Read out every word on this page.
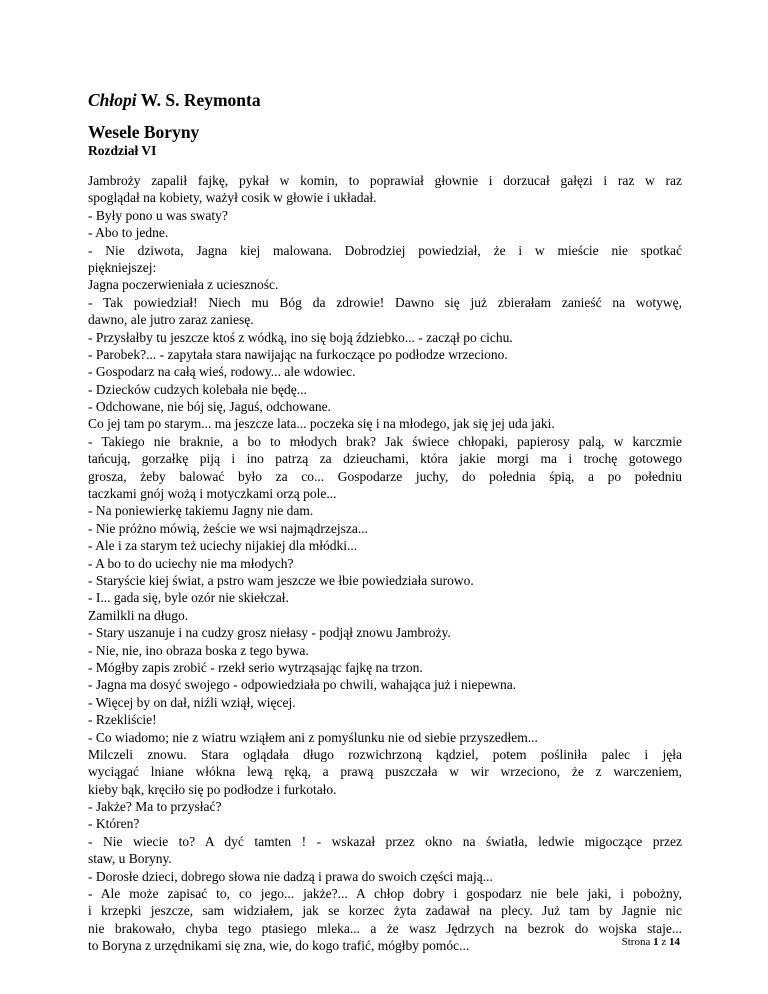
Chłopi W. S. Reymonta
Wesele Boryny
Rozdział VI
Jambroży zapalił fajkę, pykał w komin, to poprawiał głownie i dorzucał gałęzi i raz w raz
spoglądał na kobiety, ważył cosik w głowie i układał.
- Były pono u was swaty?
- Abo to jedne.
- Nie dziwota, Jagna kiej malowana. Dobrodziej powiedział, że i w mieście nie spotkać
piękniejszej:
Jagna poczerwieniała z uciesznośc.
- Tak powiedział! Niech mu Bóg da zdrowie! Dawno się już zbierałam zanieść na wotywę,
dawno, ale jutro zaraz zaniesę.
- Przysłałby tu jeszcze ktoś z wódką, ino się boją ździebko... - zaczął po cichu.
- Parobek?... - zapytała stara nawijając na furkoczące po podłodze wrzeciono.
- Gospodarz na całą wieś, rodowy... ale wdowiec.
- Dziecków cudzych kolebała nie będę...
- Odchowane, nie bój się, Jaguś, odchowane.
Co jej tam po starym... ma jeszcze lata... poczeka się i na młodego, jak się jej uda jaki.
- Takiego nie braknie, a bo to młodych brak? Jak świece chłopaki, papierosy palą, w karczmie
tańcują, gorzałkę piją i ino patrzą za dzieuchami, która jakie morgi ma i trochę gotowego
grosza, żeby balować było za co... Gospodarze juchy, do połednia śpią, a po połedniu
taczkami gnój wożą i motyczkami orzą pole...
- Na poniewierkę takiemu Jagny nie dam.
- Nie próżno mówią, żeście we wsi najmądrzejsza...
- Ale i za starym też uciechy nijakiej dla młódki...
- A bo to do uciechy nie ma młodych?
- Staryście kiej świat, a pstro wam jeszcze we łbie powiedziała surowo.
- I... gada się, byle ozór nie skiełczał.
Zamilkli na długo.
- Stary uszanuje i na cudzy grosz niełasy - podjął znowu Jambroży.
- Nie, nie, ino obraza boska z tego bywa.
- Mógłby zapis zrobić - rzekł serio wytrząsając fajkę na trzon.
- Jagna ma dosyć swojego - odpowiedziała po chwili, wahająca już i niepewna.
- Więcej by on dał, niźli wziął, więcej.
- Rzekliście!
- Co wiadomo; nie z wiatru wziąłem ani z pomyślunku nie od siebie przyszedłem...
Milczeli znowu. Stara oglądała długo rozwichrzoną kądziel, potem pośliniła palec i jęła
wyciągać lniane włókna lewą ręką, a prawą puszczała w wir wrzeciono, że z warczeniem,
kieby bąk, kręciło się po podłodze i furkotało.
- Jakże? Ma to przysłać?
- Któren?
- Nie wiecie to? A dyć tamten ! - wskazał przez okno na światła, ledwie migoczące przez
staw, u Boryny.
- Dorosłe dzieci, dobrego słowa nie dadzą i prawa do swoich części mają...
- Ale może zapisać to, co jego... jakże?... A chłop dobry i gospodarz nie bele jaki, i pobożny,
i krzepki jeszcze, sam widziałem, jak se korzec żyta zadawał na plecy. Już tam by Jagnie nic
nie brakowało, chyba tego ptasiego mleka... a że wasz Jędrzych na bezrok do wojska staje...
to Boryna z urzędnikami się zna, wie, do kogo trafić, mógłby pomóc...	Strona 1 z 14
